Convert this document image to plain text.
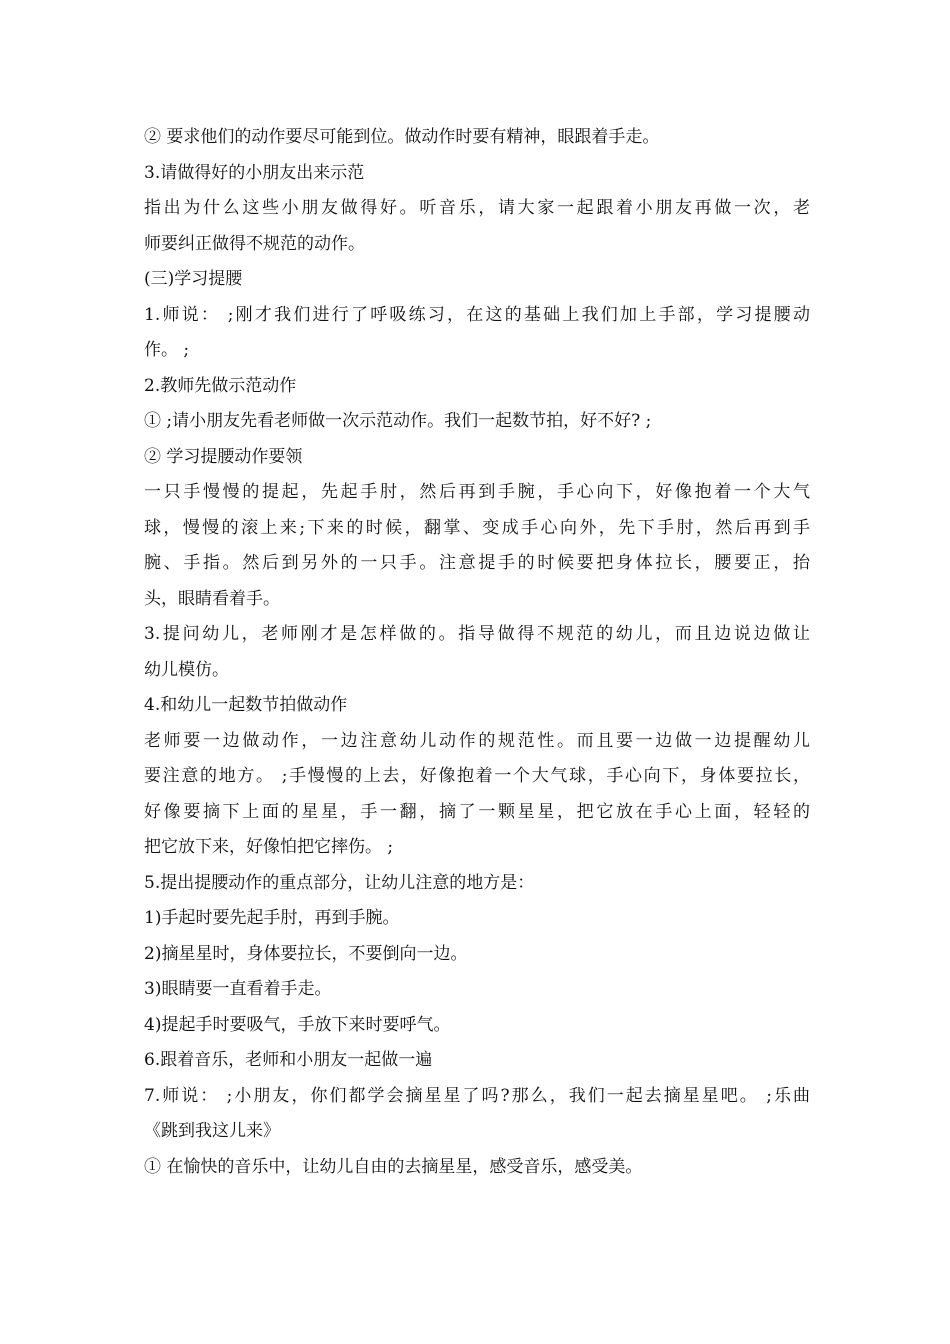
② 要求他们的动作要尽可能到位。做动作时要有精神，眼跟着手走。
3.请做得好的小朋友出来示范
指出为什么这些小朋友做得好。听音乐，请大家一起跟着小朋友再做一次，老
师要纠正做得不规范的动作。
(三)学习提腰
1.师说： ;刚才我们进行了呼吸练习，在这的基础上我们加上手部，学习提腰动
作。 ;
2.教师先做示范动作
① ;请小朋友先看老师做一次示范动作。我们一起数节拍，好不好? ;
② 学习提腰动作要领
一只手慢慢的提起，先起手肘，然后再到手腕，手心向下，好像抱着一个大气
球，慢慢的滚上来;下来的时候，翻掌、变成手心向外，先下手肘，然后再到手
腕、手指。然后到另外的一只手。注意提手的时候要把身体拉长，腰要正，抬
头，眼睛看着手。
3.提问幼儿，老师刚才是怎样做的。指导做得不规范的幼儿，而且边说边做让
幼儿模仿。
4.和幼儿一起数节拍做动作
老师要一边做动作，一边注意幼儿动作的规范性。而且要一边做一边提醒幼儿
要注意的地方。 ;手慢慢的上去，好像抱着一个大气球，手心向下，身体要拉长，
好像要摘下上面的星星，手一翻，摘了一颗星星，把它放在手心上面，轻轻的
把它放下来，好像怕把它摔伤。 ;
5.提出提腰动作的重点部分，让幼儿注意的地方是：
1)手起时要先起手肘，再到手腕。
2)摘星星时，身体要拉长，不要倒向一边。
3)眼睛要一直看着手走。
4)提起手时要吸气，手放下来时要呼气。
6.跟着音乐，老师和小朋友一起做一遍
7.师说： ;小朋友，你们都学会摘星星了吗?那么，我们一起去摘星星吧。 ;乐曲
《跳到我这儿来》
① 在愉快的音乐中，让幼儿自由的去摘星星，感受音乐，感受美。
